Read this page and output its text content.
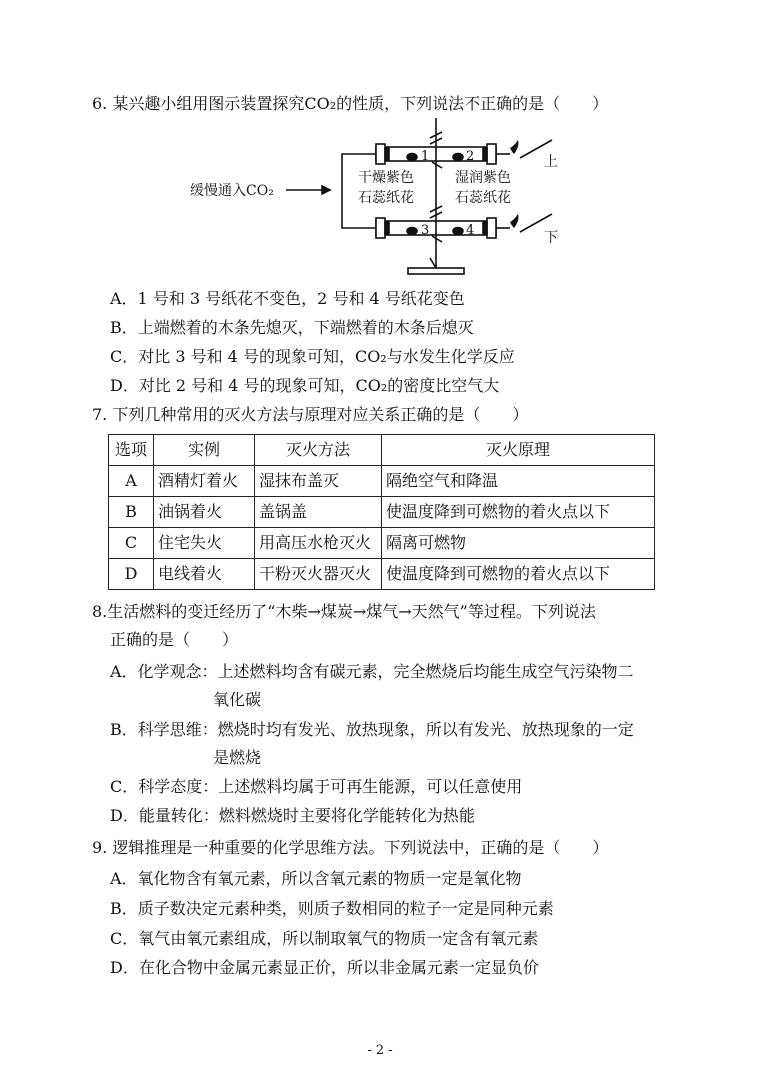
6. 某兴趣小组用图示装置探究CO₂的性质，下列说法不正确的是（　　）
缓慢通入CO₂
干燥紫色
石蕊纸花
湿润紫色
石蕊纸花
1	2
3	4
上
下
A．1 号和 3 号纸花不变色，2 号和 4 号纸花变色
B．上端燃着的木条先熄灭，下端燃着的木条后熄灭
C．对比 3 号和 4 号的现象可知，CO₂与水发生化学反应
D．对比 2 号和 4 号的现象可知，CO₂的密度比空气大
7. 下列几种常用的灭火方法与原理对应关系正确的是（　　）
选项	实例	灭火方法	灭火原理
A	酒精灯着火	湿抹布盖灭	隔绝空气和降温
B	油锅着火	盖锅盖	使温度降到可燃物的着火点以下
C	住宅失火	用高压水枪灭火	隔离可燃物
D	电线着火	干粉灭火器灭火	使温度降到可燃物的着火点以下
8.生活燃料的变迁经历了“木柴→煤炭→煤气→天然气”等过程。下列说法
正确的是（　　）
A．化学观念：上述燃料均含有碳元素，完全燃烧后均能生成空气污染物二
氧化碳
B．科学思维：燃烧时均有发光、放热现象，所以有发光、放热现象的一定
是燃烧
C．科学态度：上述燃料均属于可再生能源，可以任意使用
D．能量转化：燃料燃烧时主要将化学能转化为热能
9. 逻辑推理是一种重要的化学思维方法。下列说法中，正确的是（　　）
A．氧化物含有氧元素，所以含氧元素的物质一定是氧化物
B．质子数决定元素种类，则质子数相同的粒子一定是同种元素
C．氧气由氧元素组成，所以制取氧气的物质一定含有氧元素
D．在化合物中金属元素显正价，所以非金属元素一定显负价
- 2 -
